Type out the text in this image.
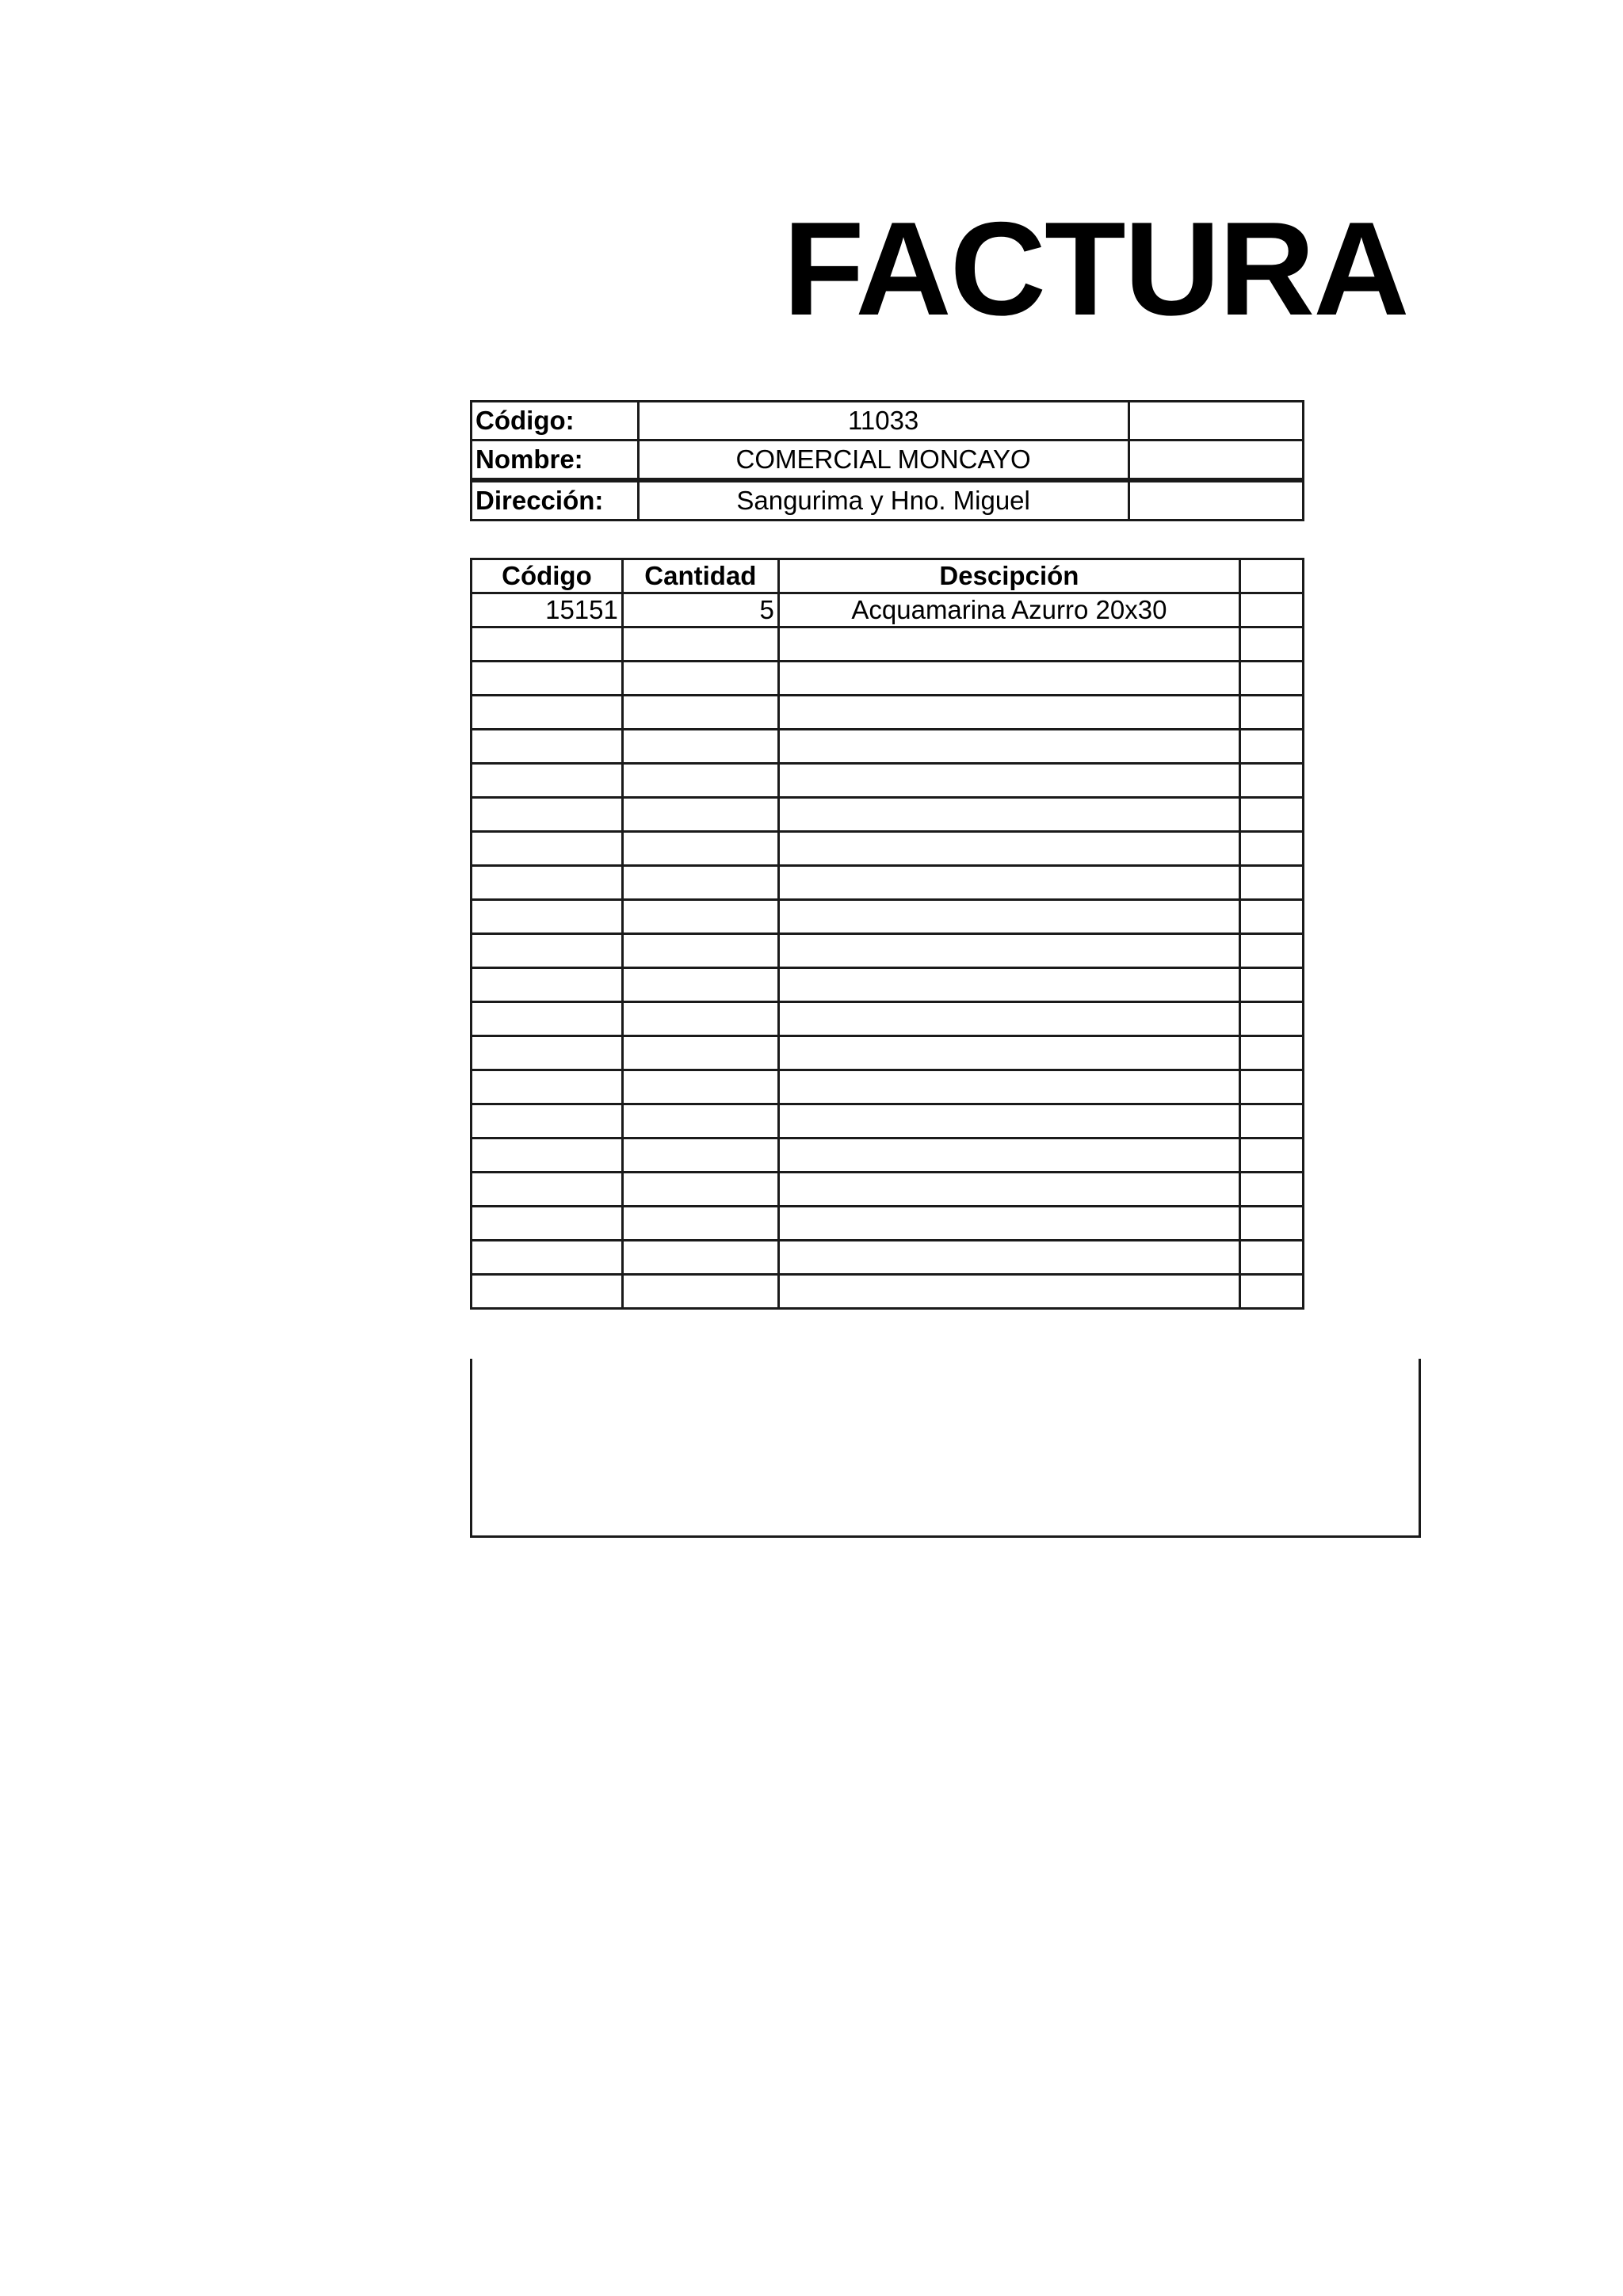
FACTURA
Código:	11033	
Nombre:	COMERCIAL MONCAYO	
Dirección:	Sangurima y Hno. Miguel	
Código	Cantidad	Descipción	
15151	5	Acquamarina Azurro 20x30	
